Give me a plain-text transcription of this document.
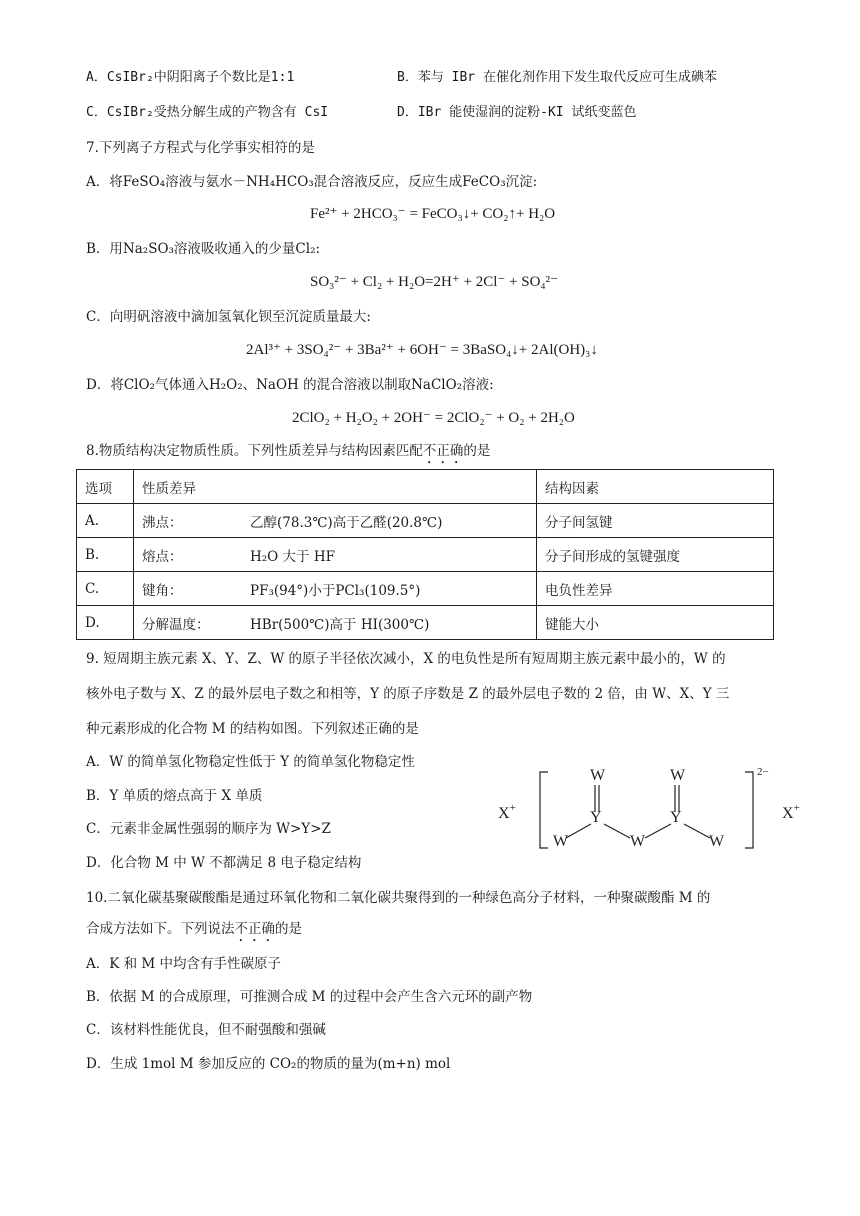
A．CsIBr₂中阴阳离子个数比是1:1	B．苯与 IBr 在催化剂作用下发生取代反应可生成碘苯
C．CsIBr₂受热分解生成的产物含有 CsI	D．IBr 能使湿润的淀粉-KI 试纸变蓝色
7.下列离子方程式与化学事实相符的是
A．将FeSO₄溶液与氨水－NH₄HCO₃混合溶液反应，反应生成FeCO₃沉淀:
Fe²⁺ + 2HCO₃⁻ = FeCO₃↓+ CO₂↑+ H₂O
B．用Na₂SO₃溶液吸收通入的少量Cl₂:
SO₃²⁻ + Cl₂ + H₂O=2H⁺ + 2Cl⁻ + SO₄²⁻
C．向明矾溶液中滴加氢氧化钡至沉淀质量最大:
2Al³⁺ + 3SO₄²⁻ + 3Ba²⁺ + 6OH⁻ = 3BaSO₄↓+ 2Al(OH)₃↓
D．将ClO₂气体通入H₂O₂、NaOH 的混合溶液以制取NaClO₂溶液:
2ClO₂ + H₂O₂ + 2OH⁻ = 2ClO₂⁻ + O₂ + 2H₂O
8.物质结构决定物质性质。下列性质差异与结构因素匹配不正确的是
选项	性质差异	结构因素
A.	沸点： 乙醇(78.3℃)高于乙醛(20.8℃)	分子间氢键
B.	熔点： H₂O 大于 HF	分子间形成的氢键强度
C.	键角： PF₃(94°)小于PCl₃(109.5°)	电负性差异
D.	分解温度： HBr(500℃)高于 HI(300℃)	键能大小
9. 短周期主族元素 X、Y、Z、W 的原子半径依次减小，X 的电负性是所有短周期主族元素中最小的，W 的
核外电子数与 X、Z 的最外层电子数之和相等，Y 的原子序数是 Z 的最外层电子数的 2 倍，由 W、X、Y 三
种元素形成的化合物 M 的结构如图。下列叙述正确的是
A．W 的简单氢化物稳定性低于 Y 的简单氢化物稳定性
B．Y 单质的熔点高于 X 单质
C．元素非金属性强弱的顺序为 W>Y>Z
D．化合物 M 中 W 不都满足 8 电子稳定结构
X+
W
Y
W	W
W
Y
W
2−
X+
10.二氧化碳基聚碳酸酯是通过环氧化物和二氧化碳共聚得到的一种绿色高分子材料，一种聚碳酸酯 M 的
合成方法如下。下列说法不正确的是
A．K 和 M 中均含有手性碳原子
B．依据 M 的合成原理，可推测合成 M 的过程中会产生含六元环的副产物
C．该材料性能优良，但不耐强酸和强碱
D．生成 1mol M 参加反应的 CO₂的物质的量为(m+n) mol
